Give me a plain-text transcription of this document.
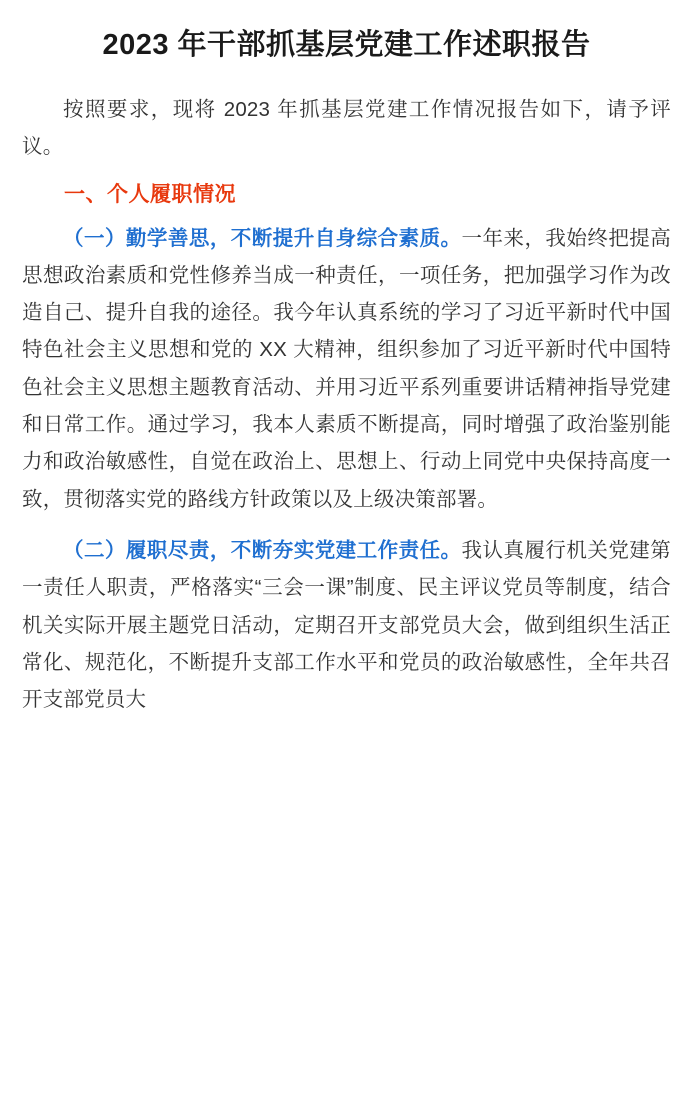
2023 年干部抓基层党建工作述职报告

按照要求，现将 2023 年抓基层党建工作情况报告如下，请予评议。

一、个人履职情况

（一）勤学善思，不断提升自身综合素质。一年来，我始终把提高思想政治素质和党性修养当成一种责任，一项任务，把加强学习作为改造自己、提升自我的途径。我今年认真系统的学习了习近平新时代中国特色社会主义思想和党的 XX 大精神，组织参加了习近平新时代中国特色社会主义思想主题教育活动、并用习近平系列重要讲话精神指导党建和日常工作。通过学习，我本人素质不断提高，同时增强了政治鉴别能力和政治敏感性，自觉在政治上、思想上、行动上同党中央保持高度一致，贯彻落实党的路线方针政策以及上级决策部署。

（二）履职尽责，不断夯实党建工作责任。我认真履行机关党建第一责任人职责，严格落实“三会一课”制度、民主评议党员等制度，结合机关实际开展主题党日活动，定期召开支部党员大会，做到组织生活正常化、规范化，不断提升支部工作水平和党员的政治敏感性，全年共召开支部党员大
